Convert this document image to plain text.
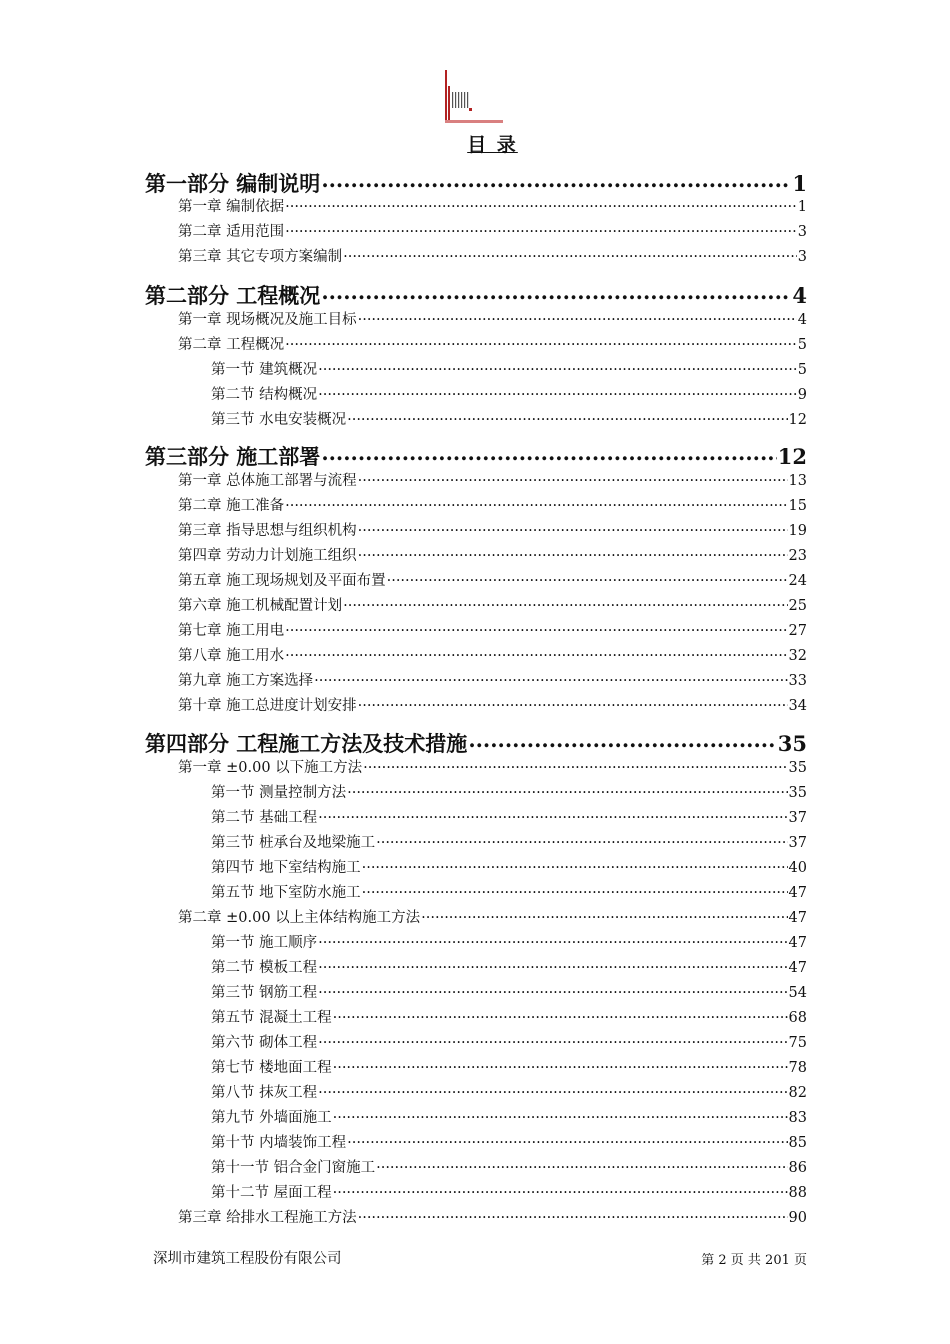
目 录
第一部分 编制说明 .....	1
第一章 编制依据 .....	1
第二章 适用范围 .....	3
第三章 其它专项方案编制 .....	3
第二部分 工程概况 .....	4
第一章 现场概况及施工目标 .....	4
第二章 工程概况 .....	5
第一节 建筑概况 .....	5
第二节 结构概况 .....	9
第三节 水电安装概况 .....	12
第三部分 施工部署 .....	12
第一章 总体施工部署与流程 .....	13
第二章 施工准备 .....	15
第三章 指导思想与组织机构 .....	19
第四章 劳动力计划施工组织 .....	23
第五章 施工现场规划及平面布置 .....	24
第六章 施工机械配置计划 .....	25
第七章 施工用电 .....	27
第八章 施工用水 .....	32
第九章 施工方案选择 .....	33
第十章 施工总进度计划安排 .....	34
第四部分 工程施工方法及技术措施 .....	35
第一章 ±0.00 以下施工方法 .....	35
第一节 测量控制方法 .....	35
第二节 基础工程 .....	37
第三节 桩承台及地梁施工 .....	37
第四节 地下室结构施工 .....	40
第五节 地下室防水施工 .....	47
第二章 ±0.00 以上主体结构施工方法 .....	47
第一节 施工顺序 .....	47
第二节 模板工程 .....	47
第三节 钢筋工程 .....	54
第五节 混凝土工程 .....	68
第六节 砌体工程 .....	75
第七节 楼地面工程 .....	78
第八节 抹灰工程 .....	82
第九节 外墙面施工 .....	83
第十节 内墙装饰工程 .....	85
第十一节 铝合金门窗施工 .....	86
第十二节 屋面工程 .....	88
第三章 给排水工程施工方法 .....	90
深圳市建筑工程股份有限公司	第 2 页 共 201 页
